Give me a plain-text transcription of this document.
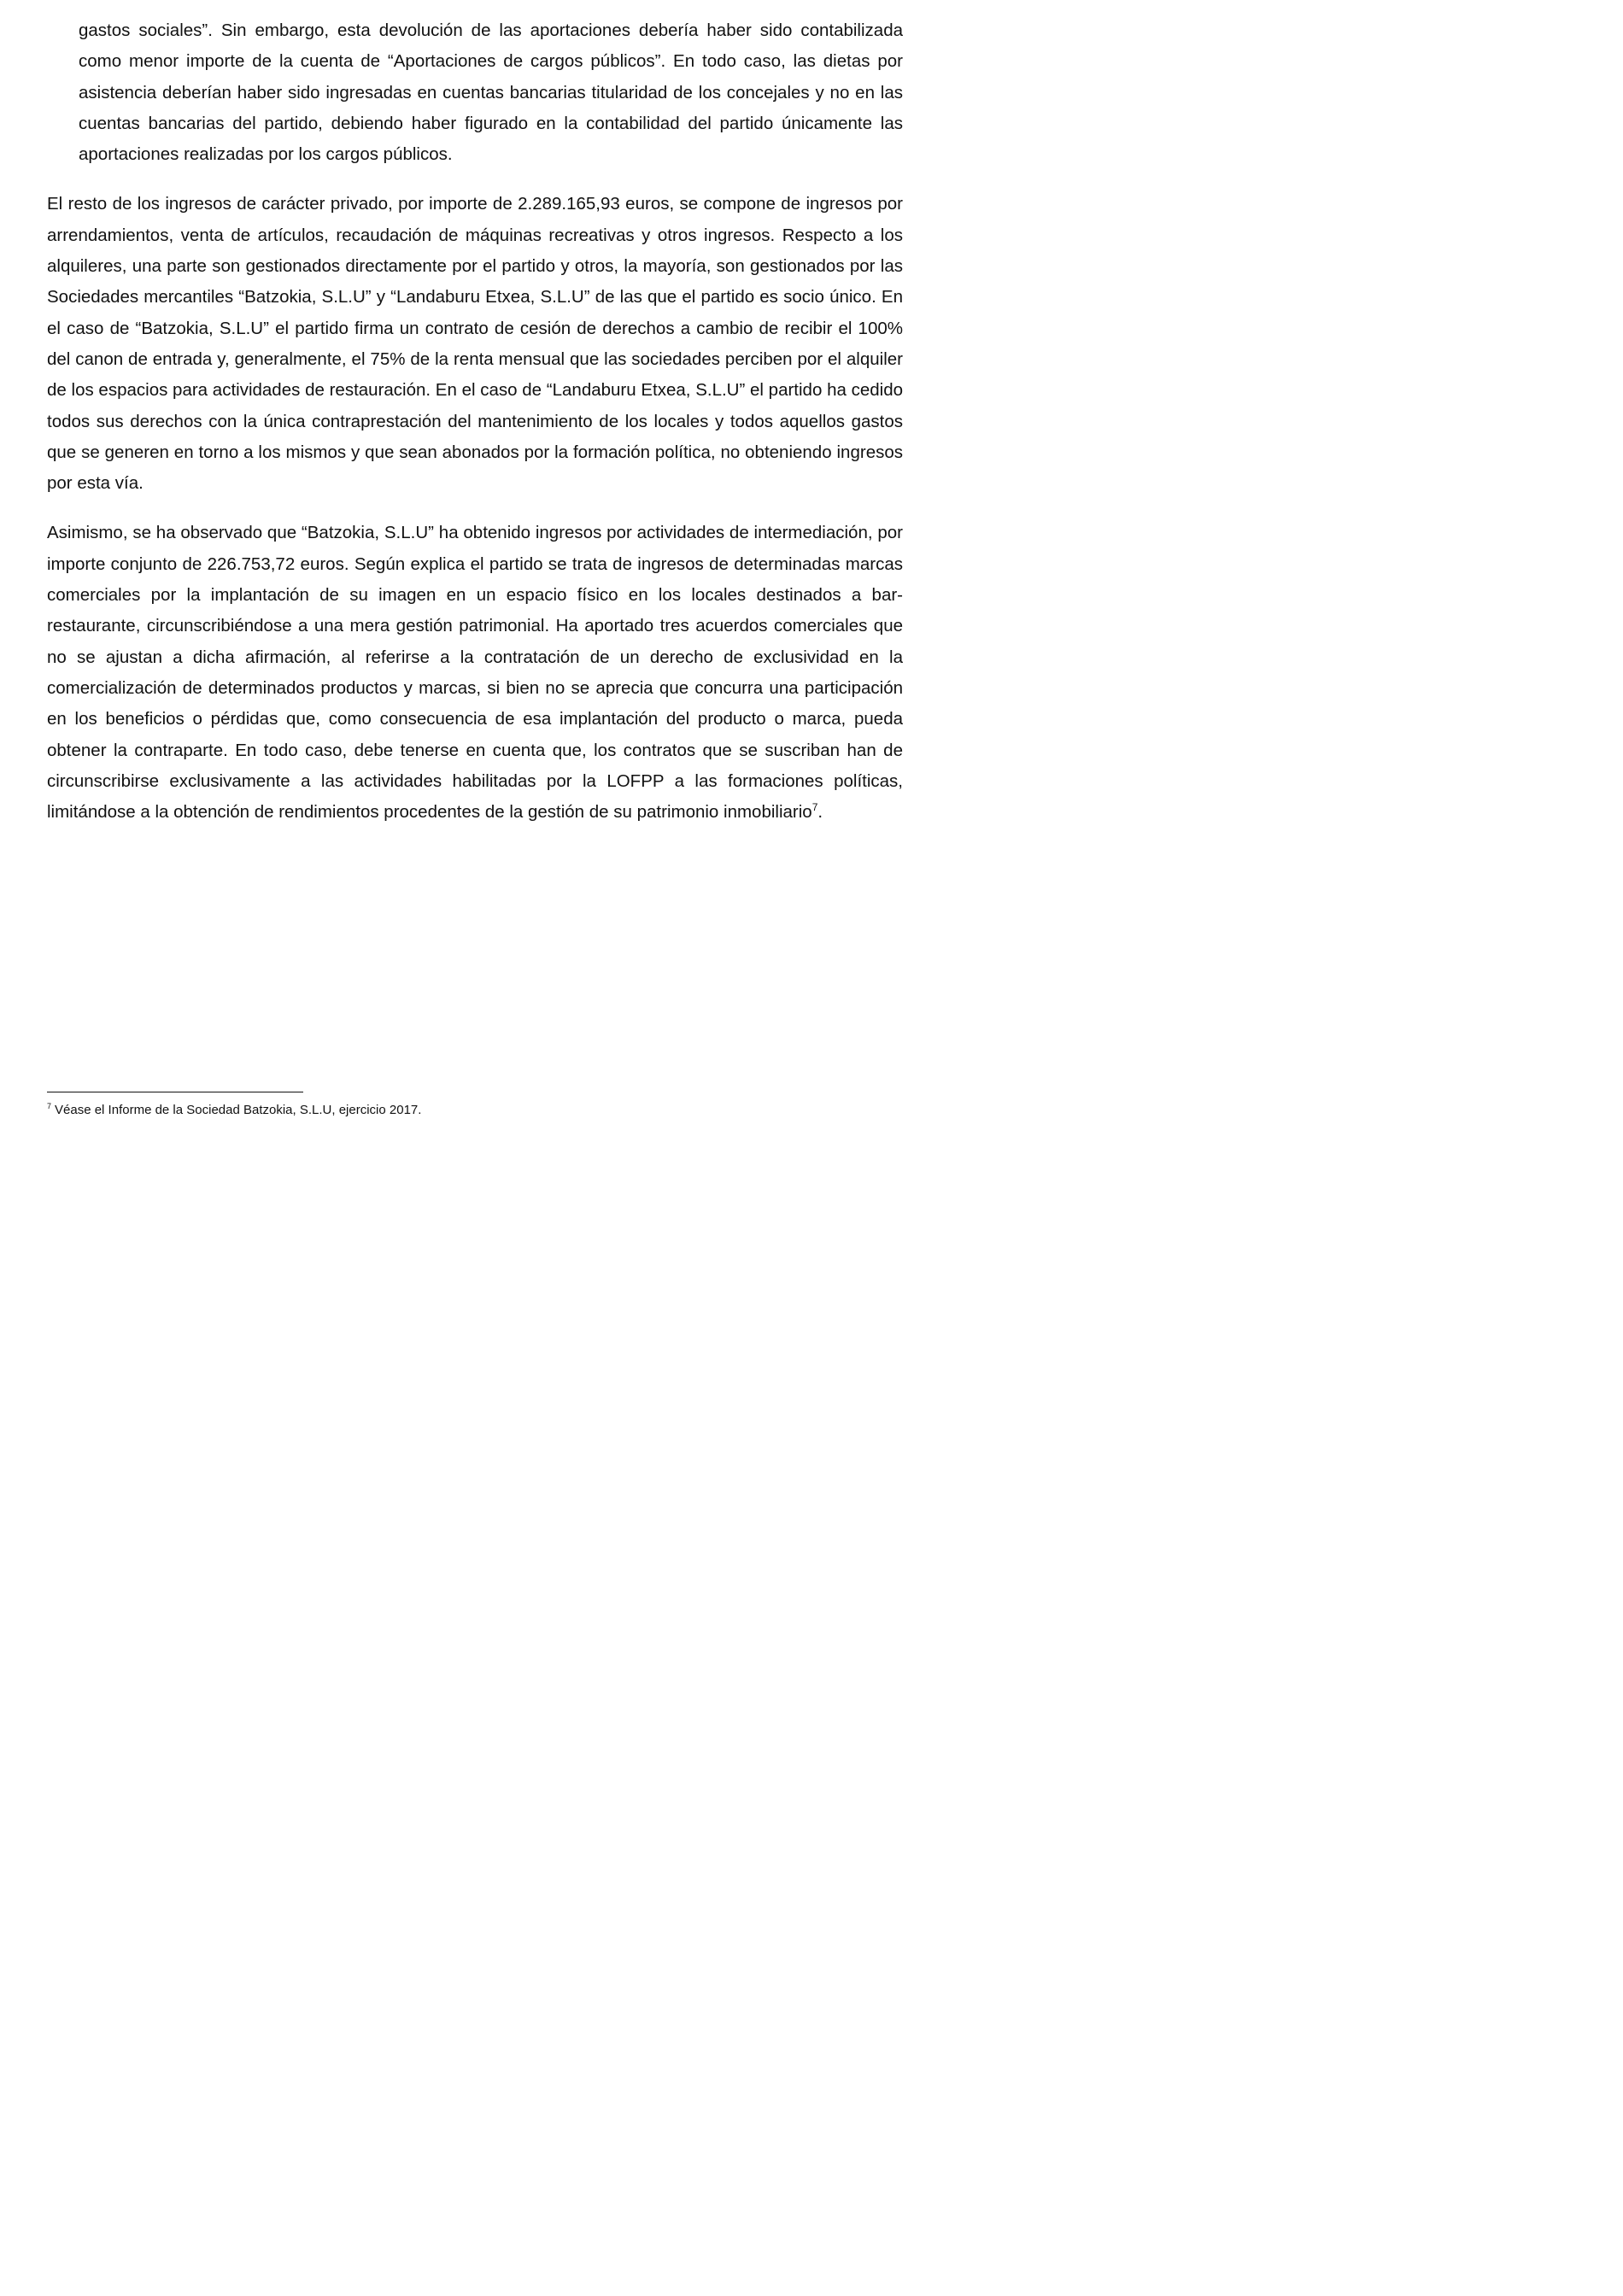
gastos sociales”. Sin embargo, esta devolución de las aportaciones debería haber sido contabilizada como menor importe de la cuenta de “Aportaciones de cargos públicos”. En todo caso, las dietas por asistencia deberían haber sido ingresadas en cuentas bancarias titularidad de los concejales y no en las cuentas bancarias del partido, debiendo haber figurado en la contabilidad del partido únicamente las aportaciones realizadas por los cargos públicos.

El resto de los ingresos de carácter privado, por importe de 2.289.165,93 euros, se compone de ingresos por arrendamientos, venta de artículos, recaudación de máquinas recreativas y otros ingresos. Respecto a los alquileres, una parte son gestionados directamente por el partido y otros, la mayoría, son gestionados por las Sociedades mercantiles “Batzokia, S.L.U” y “Landaburu Etxea, S.L.U” de las que el partido es socio único. En el caso de “Batzokia, S.L.U” el partido firma un contrato de cesión de derechos a cambio de recibir el 100% del canon de entrada y, generalmente, el 75% de la renta mensual que las sociedades perciben por el alquiler de los espacios para actividades de restauración. En el caso de “Landaburu Etxea, S.L.U” el partido ha cedido todos sus derechos con la única contraprestación del mantenimiento de los locales y todos aquellos gastos que se generen en torno a los mismos y que sean abonados por la formación política, no obteniendo ingresos por esta vía.

Asimismo, se ha observado que “Batzokia, S.L.U” ha obtenido ingresos por actividades de intermediación, por importe conjunto de 226.753,72 euros. Según explica el partido se trata de ingresos de determinadas marcas comerciales por la implantación de su imagen en un espacio físico en los locales destinados a bar-restaurante, circunscribiéndose a una mera gestión patrimonial. Ha aportado tres acuerdos comerciales que no se ajustan a dicha afirmación, al referirse a la contratación de un derecho de exclusividad en la comercialización de determinados productos y marcas, si bien no se aprecia que concurra una participación en los beneficios o pérdidas que, como consecuencia de esa implantación del producto o marca, pueda obtener la contraparte. En todo caso, debe tenerse en cuenta que, los contratos que se suscriban han de circunscribirse exclusivamente a las actividades habilitadas por la LOFPP a las formaciones políticas, limitándose a la obtención de rendimientos procedentes de la gestión de su patrimonio inmobiliario$^7$.

$^7$ Véase el Informe de la Sociedad Batzokia, S.L.U, ejercicio 2017.
